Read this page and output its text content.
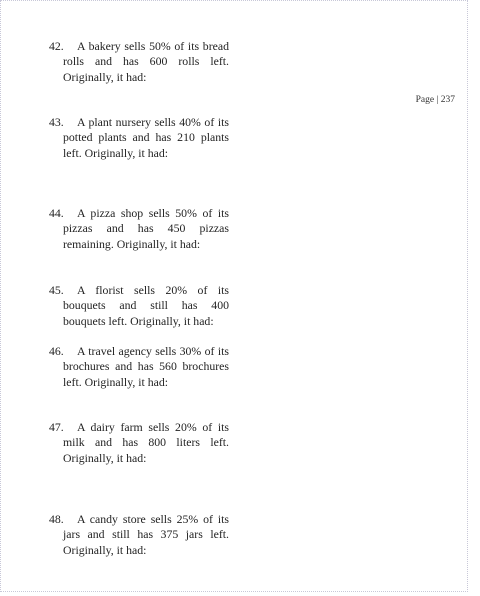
Page | 237
42. A bakery sells 50% of its bread
rolls and has 600 rolls left.
Originally, it had:
43. A plant nursery sells 40% of its
potted plants and has 210 plants
left. Originally, it had:
44. A pizza shop sells 50% of its
pizzas and has 450 pizzas
remaining. Originally, it had:
45. A florist sells 20% of its
bouquets and still has 400
bouquets left. Originally, it had:
46. A travel agency sells 30% of its
brochures and has 560 brochures
left. Originally, it had:
47. A dairy farm sells 20% of its
milk and has 800 liters left.
Originally, it had:
48. A candy store sells 25% of its
jars and still has 375 jars left.
Originally, it had:
